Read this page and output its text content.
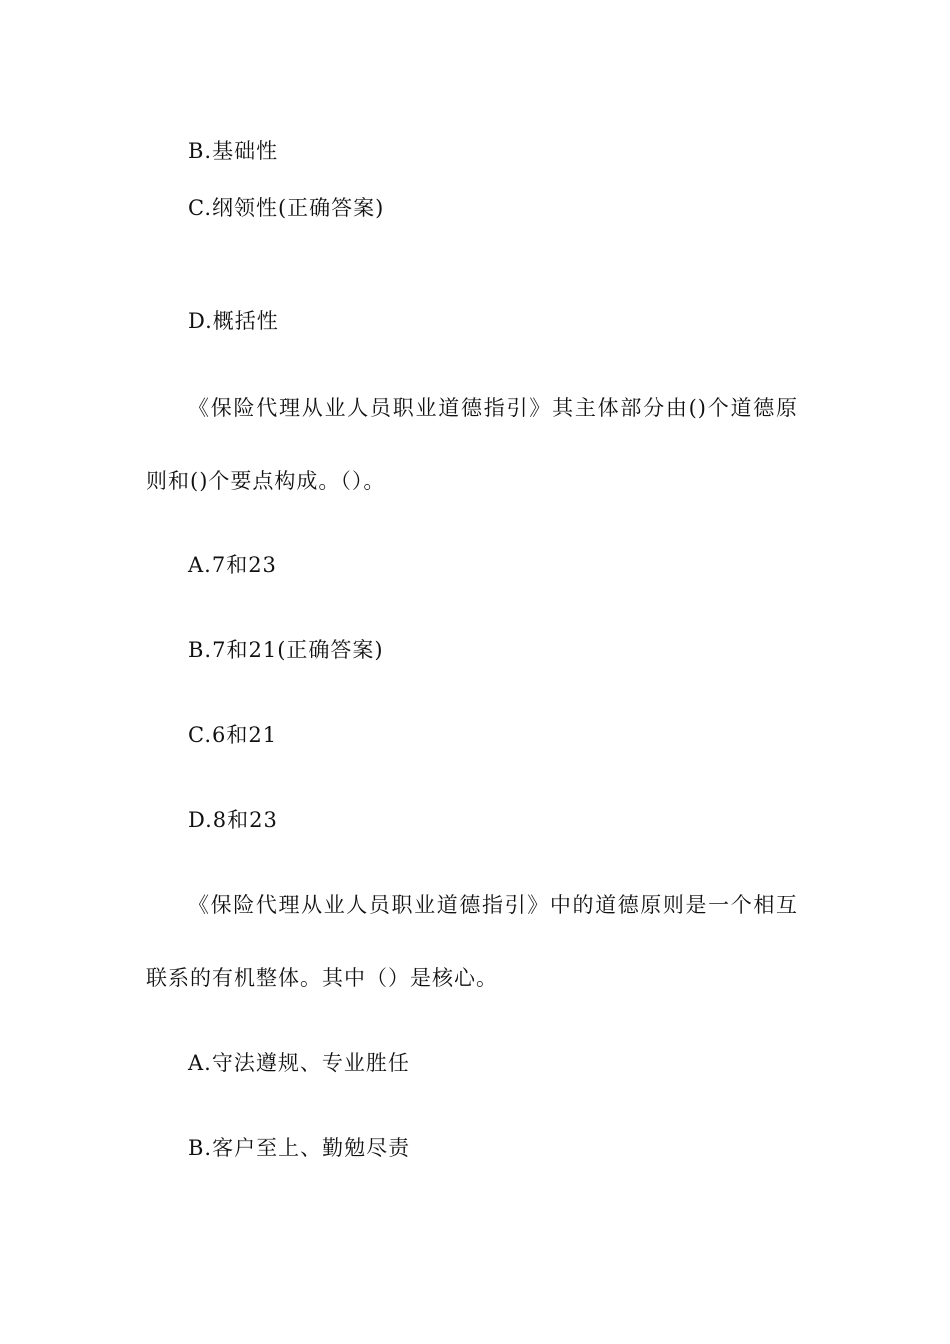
B.基础性
C.纲领性(正确答案)
D.概括性
《保险代理从业人员职业道德指引》其主体部分由()个道德原
则和()个要点构成。（）。
A.7和23
B.7和21(正确答案)
C.6和21
D.8和23
《保险代理从业人员职业道德指引》中的道德原则是一个相互
联系的有机整体。其中（）是核心。
A.守法遵规、专业胜任
B.客户至上、勤勉尽责
